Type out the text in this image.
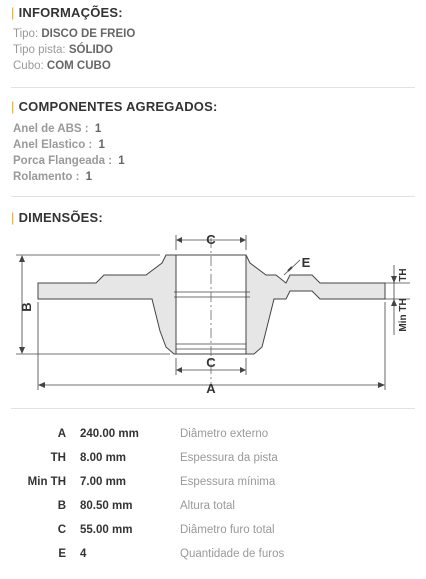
| INFORMAÇÕES:
Tipo: DISCO DE FREIO
Tipo pista: SÓLIDO
Cubo: COM CUBO
| COMPONENTES AGREGADOS:
Anel de ABS : 1
Anel Elastico : 1
Porca Flangeada : 1
Rolamento : 1
| DIMENSÕES:
C
C
A
B
E
TH
Min TH
A 240.00 mm	Diâmetro externo
TH 8.00 mm	Espessura da pista
Min TH 7.00 mm	Espessura mínima
B 80.50 mm	Altura total
C 55.00 mm	Diâmetro furo total
E 4	Quantidade de furos
